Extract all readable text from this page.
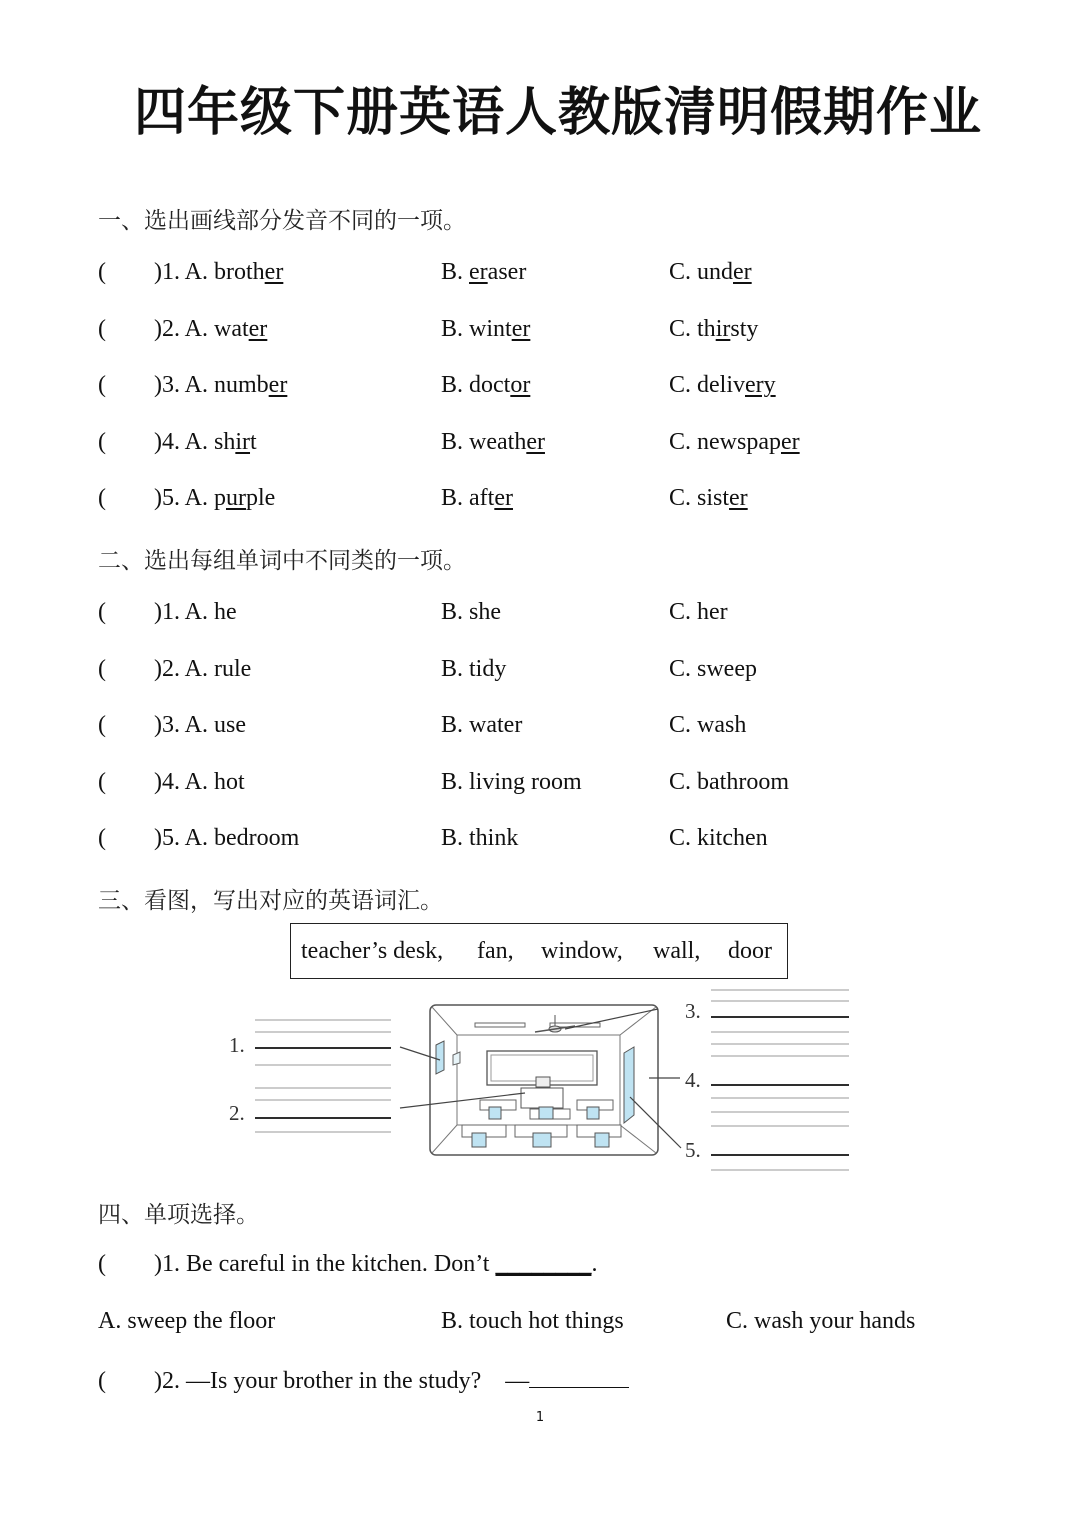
四年级下册英语人教版清明假期作业
一、选出画线部分发音不同的一项。
(        )1. A. brother	B. eraser	C. under
(        )2. A. water	B. winter	C. thirsty
(        )3. A. number	B. doctor	C. delivery
(        )4. A. shirt	B. weather	C. newspaper
(        )5. A. purple	B. after	C. sister
二、选出每组单词中不同类的一项。
(        )1. A. he	B. she	C. her
(        )2. A. rule	B. tidy	C. sweep
(        )3. A. use	B. water	C. wash
(        )4. A. hot	B. living room	C. bathroom
(        )5. A. bedroom	B. think	C. kitchen
三、看图，写出对应的英语词汇。
teacher’s desk, fan, window, wall, door
1.
2.
3.
4.
5.
四、单项选择。
(        )1. Be careful in the kitchen. Don’t ________.
A. sweep the floor	B. touch hot things	C. wash your hands
(        )2. —Is your brother in the study?    —
1
